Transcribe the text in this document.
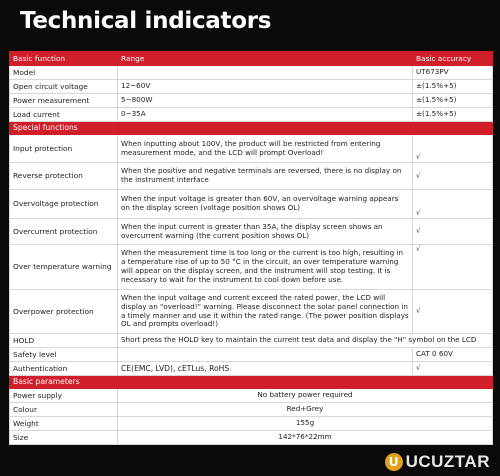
Technical indicators
Basic function	Range	Basic accuracy
Model		UT673PV
Open circuit voltage	12~60V	±(1.5%+5)
Power measurement	5~800W	±(1.5%+5)
Load current	0~35A	±(1.5%+5)
Special functions		
Input protection	When inputting about 100V, the product will be restricted from entering measurement mode, and the LCD will prompt Overload!	√
Reverse protection	When the positive and negative terminals are reversed, there is no display on the instrument interface	√
Overvoltage protection	When the input voltage is greater than 60V, an overvoltage warning appears on the display screen (voltage position shows OL)	√
Overcurrent protection	When the input current is greater than 35A, the display screen shows an overcurrent warning (the current position shows OL)	√
Over temperature warning	When the measurement time is too long or the current is too high, resulting in a temperature rise of up to 50 °C in the circuit, an over temperature warning will appear on the display screen, and the instrument will stop testing. It is necessary to wait for the instrument to cool down before use.	√
Overpower protection	When the input voltage and current exceed the rated power, the LCD will display an "overload!" warning. Please disconnect the solar panel connection in a timely manner and use it within the rated range. (The power position displays OL and prompts overload!)	√
HOLD	Short press the HOLD key to maintain the current test data and display the "H" symbol on the LCD	
Safety level		CAT 0 60V
Authentication	CE(EMC, LVD), cETLus, RoHS	√
Basic parameters		
Power supply	No battery power required	
Colour	Red+Grey	
Weight	155g	
Size	142*76*22mm	
U UCUZTAR
